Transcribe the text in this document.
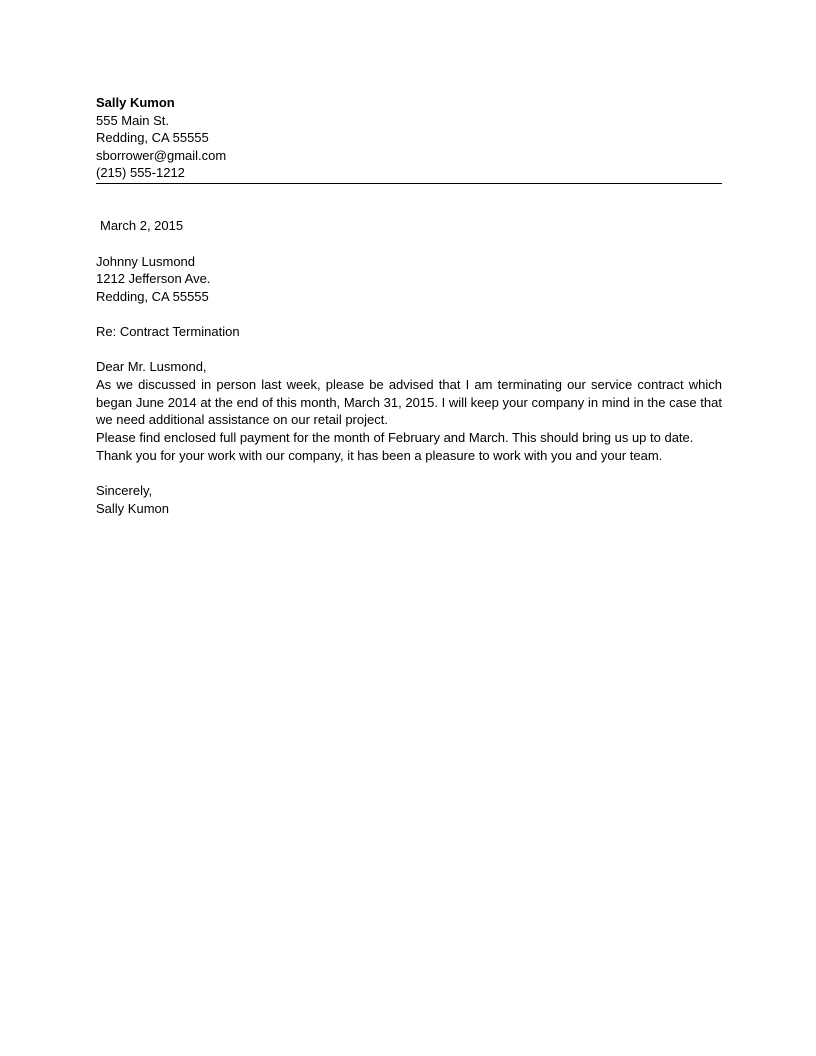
Sally Kumon
555 Main St.
Redding, CA 55555
sborrower@gmail.com
(215) 555-1212
March 2, 2015
Johnny Lusmond
1212 Jefferson Ave.
Redding, CA 55555
Re: Contract Termination
Dear Mr. Lusmond,

As we discussed in person last week, please be advised that I am terminating our service contract which began June 2014 at the end of this month, March 31, 2015. I will keep your company in mind in the case that we need additional assistance on our retail project.

Please find enclosed full payment for the month of February and March. This should bring us up to date. Thank you for your work with our company, it has been a pleasure to work with you and your team.

Sincerely,
Sally Kumon
